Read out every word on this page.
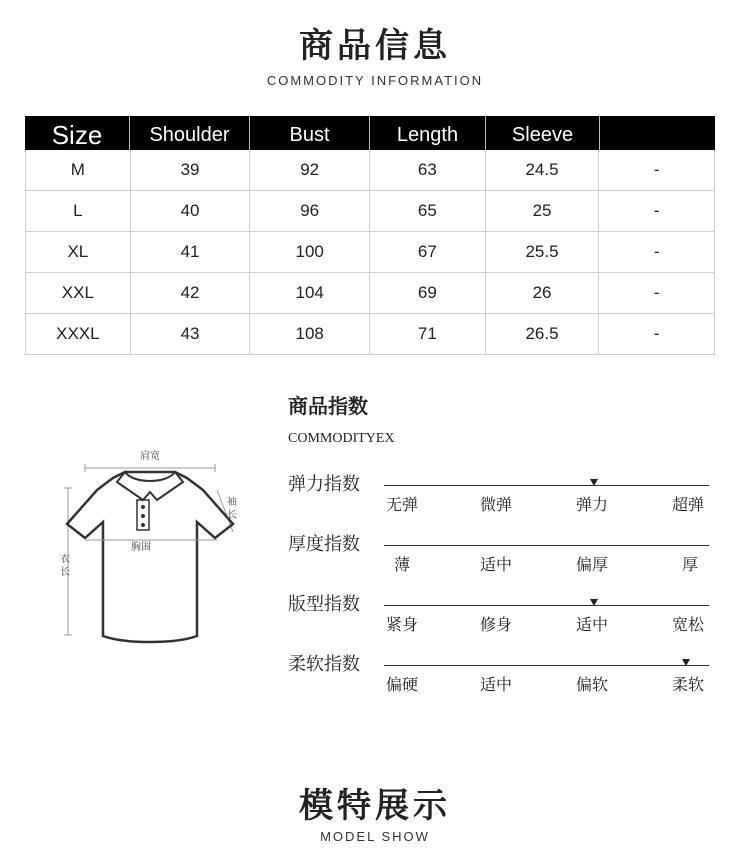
商品信息
COMMODITY INFORMATION
Size	Shoulder	Bust	Length	Sleeve
M	39	92	63	24.5	-
L	40	96	65	25	-
XL	41	100	67	25.5	-
XXL	42	104	69	26	-
XXXL	43	108	71	26.5	-
肩宽
衣
长
袖
长
胸围
商品指数
COMMODITYEX
弹力指数
无弹	微弹	弹力	超弹
厚度指数
薄	适中	偏厚	厚
版型指数
紧身	修身	适中	宽松
柔软指数
偏硬	适中	偏软	柔软
模特展示
MODEL SHOW
